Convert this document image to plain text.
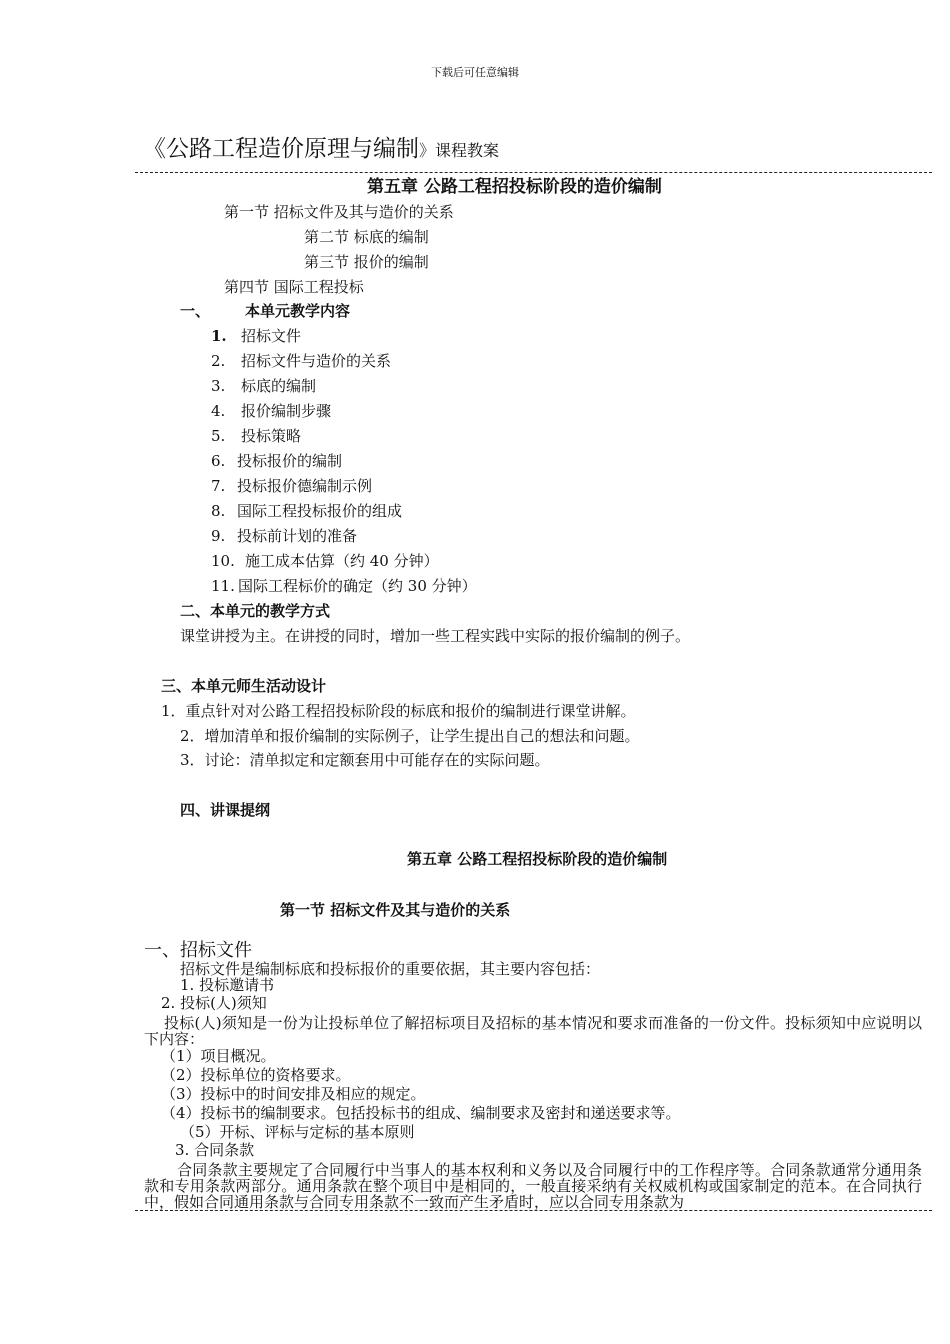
下载后可任意编辑
《公路工程造价原理与编制》课程教案
第五章 公路工程招投标阶段的造价编制
第一节 招标文件及其与造价的关系
第二节 标底的编制
第三节 报价的编制
第四节 国际工程投标
一、 本单元教学内容
1. 招标文件
2. 招标文件与造价的关系
3. 标底的编制
4. 报价编制步骤
5. 投标策略
6. 投标报价的编制
7. 投标报价德编制示例
8. 国际工程投标报价的组成
9. 投标前计划的准备
10. 施工成本估算（约 40 分钟）
11. 国际工程标价的确定（约 30 分钟）
二、本单元的教学方式
课堂讲授为主。在讲授的同时，增加一些工程实践中实际的报价编制的例子。
三、本单元师生活动设计
1．重点针对对公路工程招投标阶段的标底和报价的编制进行课堂讲解。
2．增加清单和报价编制的实际例子，让学生提出自己的想法和问题。
3．讨论：清单拟定和定额套用中可能存在的实际问题。
四、讲课提纲
第五章 公路工程招投标阶段的造价编制
第一节 招标文件及其与造价的关系
一、招标文件
招标文件是编制标底和投标报价的重要依据，其主要内容包括：
1. 投标邀请书
2. 投标(人)须知
投标(人)须知是一份为让投标单位了解招标项目及招标的基本情况和要求而准备的一份文件。投标须知中应说明以下内容：
（1）项目概况。
（2）投标单位的资格要求。
（3）投标中的时间安排及相应的规定。
（4）投标书的编制要求。包括投标书的组成、编制要求及密封和递送要求等。
（5）开标、评标与定标的基本原则
3. 合同条款
合同条款主要规定了合同履行中当事人的基本权利和义务以及合同履行中的工作程序等。合同条款通常分通用条款和专用条款两部分。通用条款在整个项目中是相同的，一般直接采纳有关权威机构或国家制定的范本。在合同执行中，假如合同通用条款与合同专用条款不一致而产生矛盾时，应以合同专用条款为
